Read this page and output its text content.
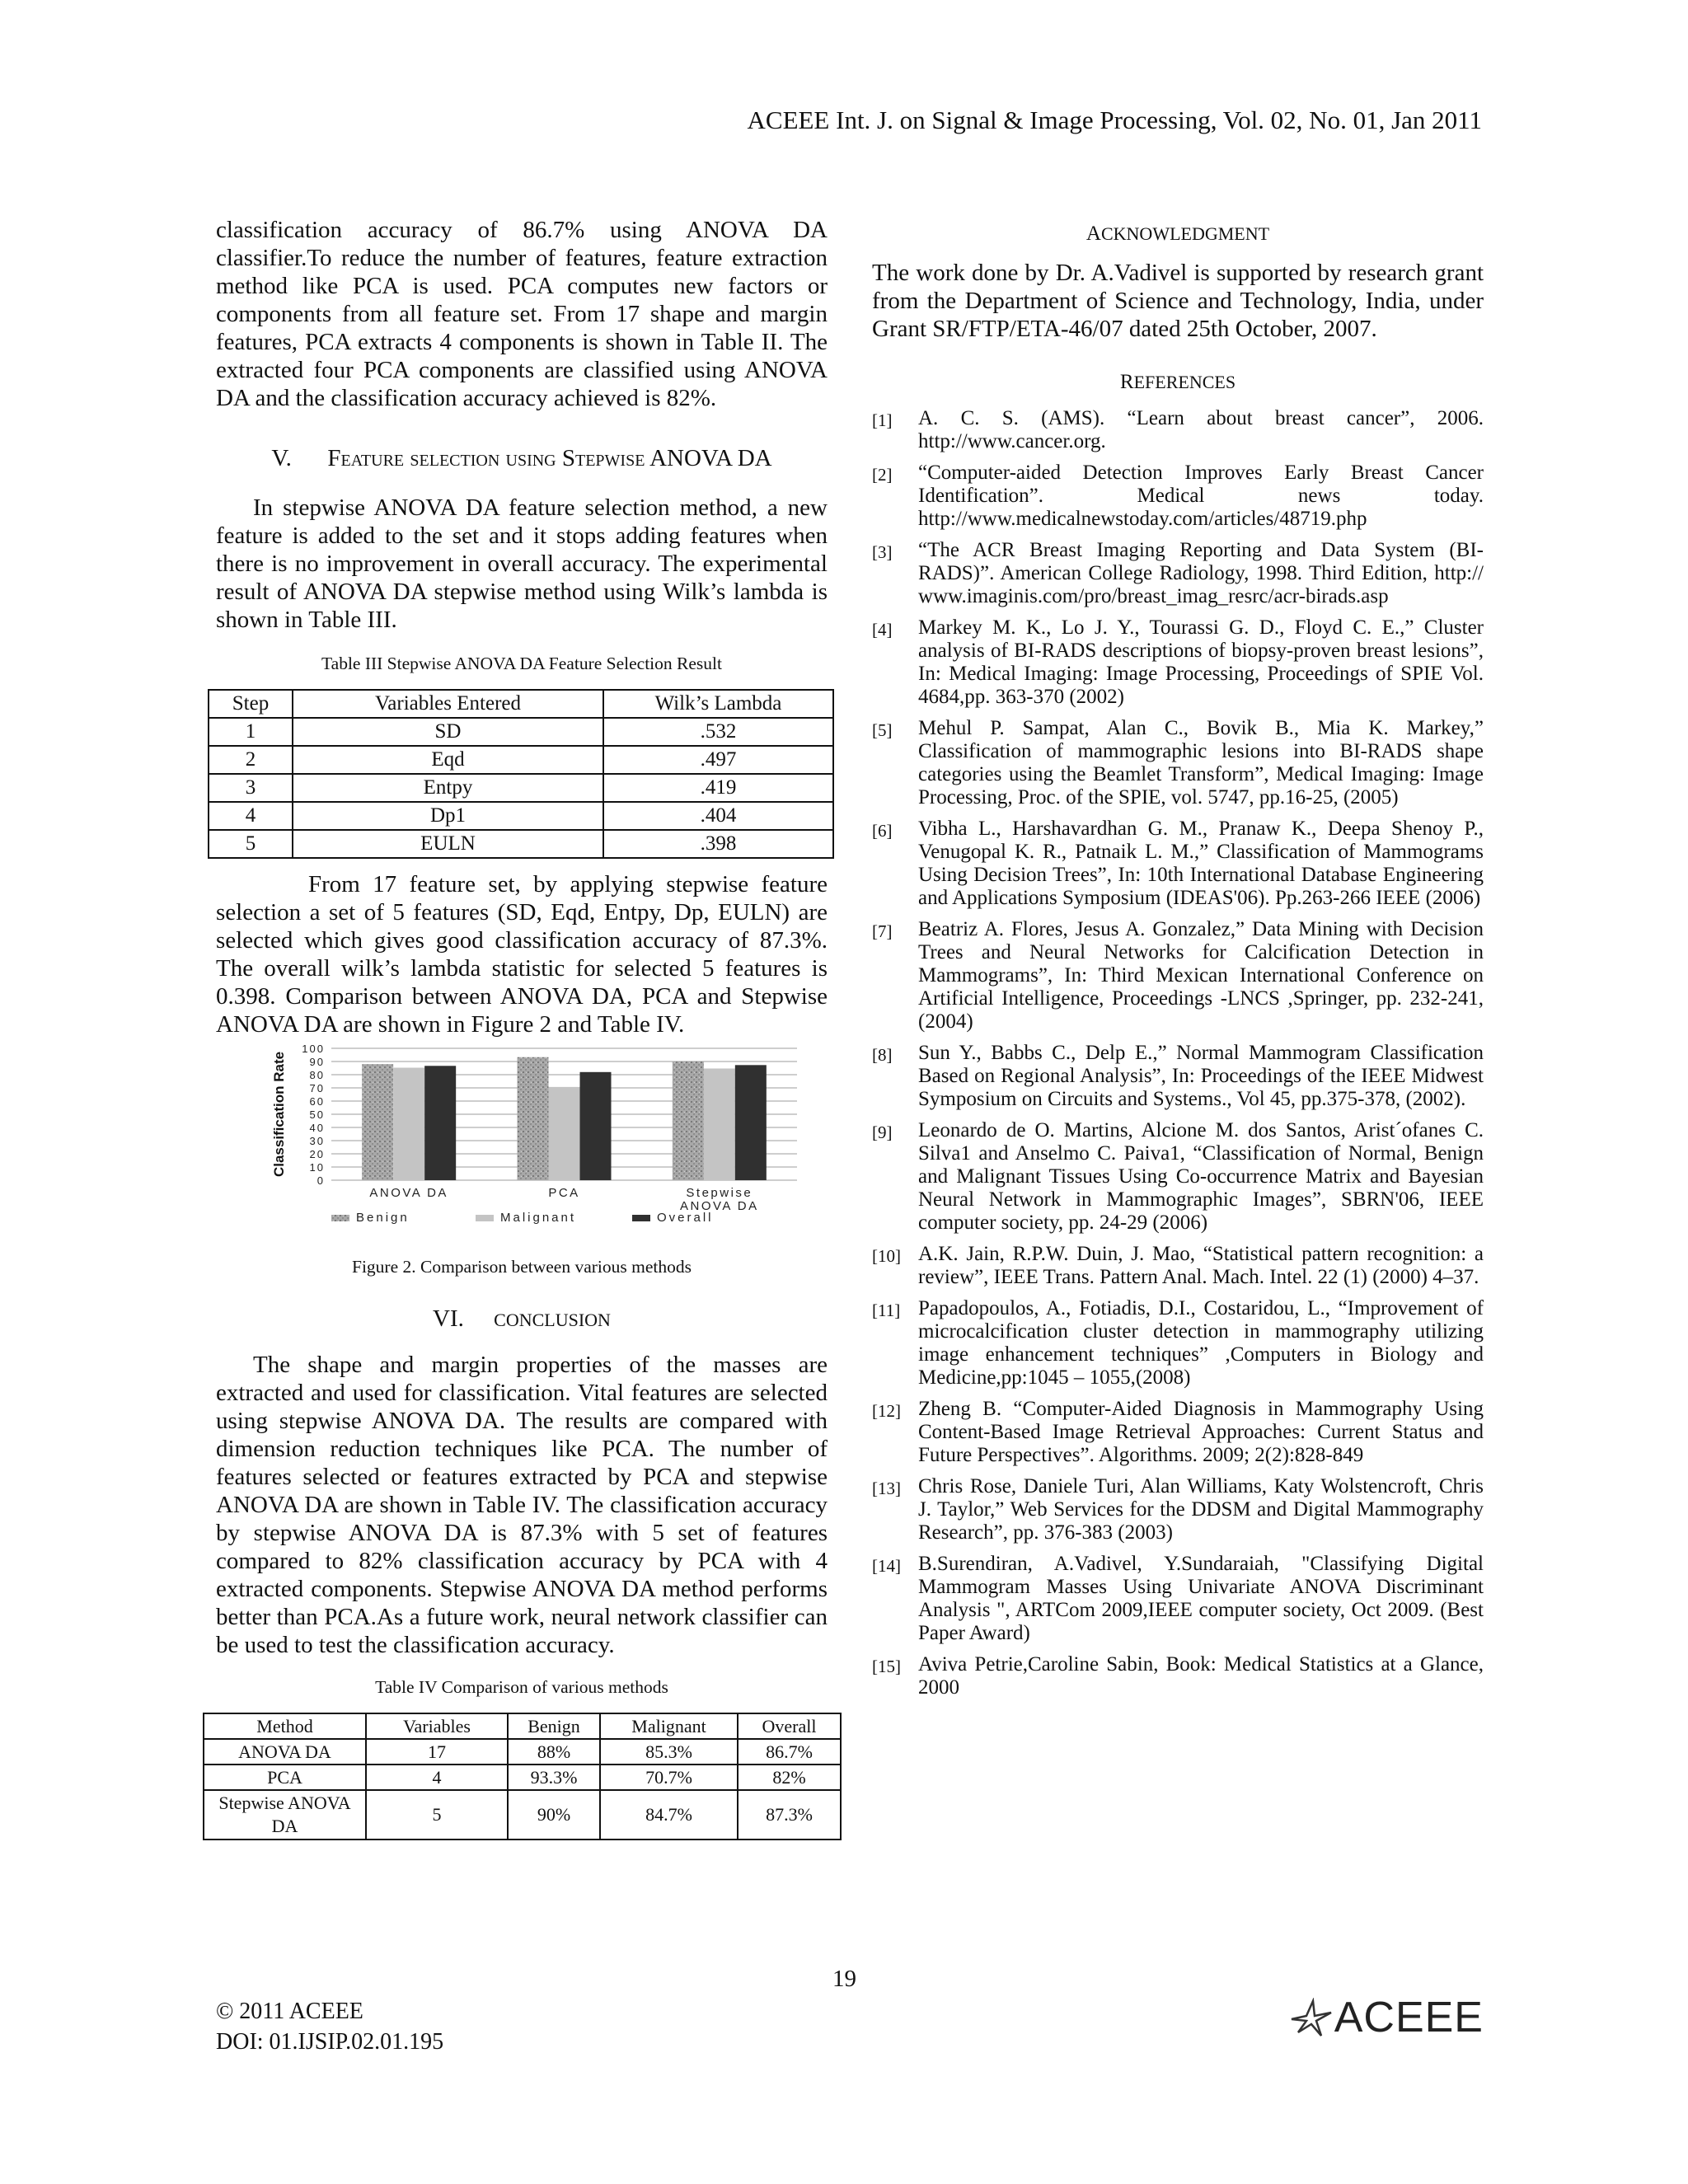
ACEEE Int. J. on Signal & Image Processing, Vol. 02, No. 01, Jan 2011

classification accuracy of 86.7% using ANOVA DA classifier.To reduce the number of features, feature extraction method like PCA is used. PCA computes new factors or components from all feature set. From 17 shape and margin features, PCA extracts 4 components is shown in Table II. The extracted four PCA components are classified using ANOVA DA and the classification accuracy achieved is 82%.

V. Feature selection using Stepwise ANOVA DA

In stepwise ANOVA DA feature selection method, a new feature is added to the set and it stops adding features when there is no improvement in overall accuracy. The experimental result of ANOVA DA stepwise method using Wilk’s lambda is shown in Table III.

Table III Stepwise ANOVA DA Feature Selection Result
Step	Variables Entered	Wilk’s Lambda
1	SD	.532
2	Eqd	.497
3	Entpy	.419
4	Dp1	.404
5	EULN	.398

From 17 feature set, by applying stepwise feature selection a set of 5 features (SD, Eqd, Entpy, Dp, EULN) are selected which gives good classification accuracy of 87.3%. The overall wilk’s lambda statistic for selected 5 features is 0.398. Comparison between ANOVA DA, PCA and Stepwise ANOVA DA are shown in Figure 2 and Table IV.

Classification Rate
0
10
20
30
40
50
60
70
80
90
100
ANOVA DA	PCA	Stepwise
ANOVA DA
Benign	Malignant	Overall
Figure 2. Comparison between various methods
VI. CONCLUSION

The shape and margin properties of the masses are extracted and used for classification. Vital features are selected using stepwise ANOVA DA. The results are compared with dimension reduction techniques like PCA. The number of features selected or features extracted by PCA and stepwise ANOVA DA are shown in Table IV. The classification accuracy by stepwise ANOVA DA is 87.3% with 5 set of features compared to 82% classification accuracy by PCA with 4 extracted components. Stepwise ANOVA DA method performs better than PCA.As a future work, neural network classifier can be used to test the classification accuracy.

Table IV Comparison of various methods
Method	Variables	Benign	Malignant	Overall
ANOVA DA	17	88%	85.3%	86.7%
PCA	4	93.3%	70.7%	82%
Stepwise ANOVA DA	5	90%	84.7%	87.3%
ACKNOWLEDGMENT

The work done by Dr. A.Vadivel is supported by research grant from the Department of Science and Technology, India, under Grant SR/FTP/ETA-46/07 dated 25th October, 2007.

REFERENCES
[1]	A. C. S. (AMS). “Learn about breast cancer”, 2006. http://www.cancer.org.
[2]	“Computer-aided Detection Improves Early Breast Cancer Identification”. Medical news today. http://www.medicalnewstoday.com/articles/48719.php
[3]	“The ACR Breast Imaging Reporting and Data System (BI-RADS)”. American College Radiology, 1998. Third Edition, http:// www.imaginis.com/pro/breast_imag_resrc/acr-birads.asp
[4]	Markey M. K., Lo J. Y., Tourassi G. D., Floyd C. E.,” Cluster analysis of BI-RADS descriptions of biopsy-proven breast lesions”, In: Medical Imaging: Image Processing, Proceedings of SPIE Vol. 4684,pp. 363-370 (2002)
[5]	Mehul P. Sampat, Alan C., Bovik B., Mia K. Markey,” Classification of mammographic lesions into BI-RADS shape categories using the Beamlet Transform”, Medical Imaging: Image Processing, Proc. of the SPIE, vol. 5747, pp.16-25, (2005)
[6]	Vibha L., Harshavardhan G. M., Pranaw K., Deepa Shenoy P., Venugopal K. R., Patnaik L. M.,” Classification of Mammograms Using Decision Trees”, In: 10th International Database Engineering and Applications Symposium (IDEAS'06). Pp.263-266 IEEE (2006)
[7]	Beatriz A. Flores, Jesus A. Gonzalez,” Data Mining with Decision Trees and Neural Networks for Calcification Detection in Mammograms”, In: Third Mexican International Conference on Artificial Intelligence, Proceedings -LNCS ,Springer, pp. 232-241,(2004)
[8]	Sun Y., Babbs C., Delp E.,” Normal Mammogram Classification Based on Regional Analysis”, In: Proceedings of the IEEE Midwest Symposium on Circuits and Systems., Vol 45, pp.375-378, (2002).
[9]	Leonardo de O. Martins, Alcione M. dos Santos, Arist´ofanes C. Silva1 and Anselmo C. Paiva1, “Classification of Normal, Benign and Malignant Tissues Using Co-occurrence Matrix and Bayesian Neural Network in Mammographic Images”, SBRN'06, IEEE computer society, pp. 24-29 (2006)
[10] A.K. Jain, R.P.W. Duin, J. Mao, “Statistical pattern recognition: a review”, IEEE Trans. Pattern Anal. Mach. Intel. 22 (1) (2000) 4–37.
[11] Papadopoulos, A., Fotiadis, D.I., Costaridou, L., “Improvement of microcalcification cluster detection in mammography utilizing image enhancement techniques” ,Computers in Biology and Medicine,pp:1045 – 1055,(2008)
[12] Zheng B. “Computer-Aided Diagnosis in Mammography Using Content-Based Image Retrieval Approaches: Current Status and Future Perspectives”. Algorithms. 2009; 2(2):828-849
[13] Chris Rose, Daniele Turi, Alan Williams, Katy Wolstencroft, Chris J. Taylor,” Web Services for the DDSM and Digital Mammography Research”, pp. 376-383 (2003)
[14] B.Surendiran, A.Vadivel, Y.Sundaraiah, "Classifying Digital Mammogram Masses Using Univariate ANOVA Discriminant Analysis ", ARTCom 2009,IEEE computer society, Oct 2009. (Best Paper Award)
[15] Aviva Petrie,Caroline Sabin, Book: Medical Statistics at a Glance, 2000
19
© 2011 ACEEE
DOI: 01.IJSIP.02.01.195
ACEEE
